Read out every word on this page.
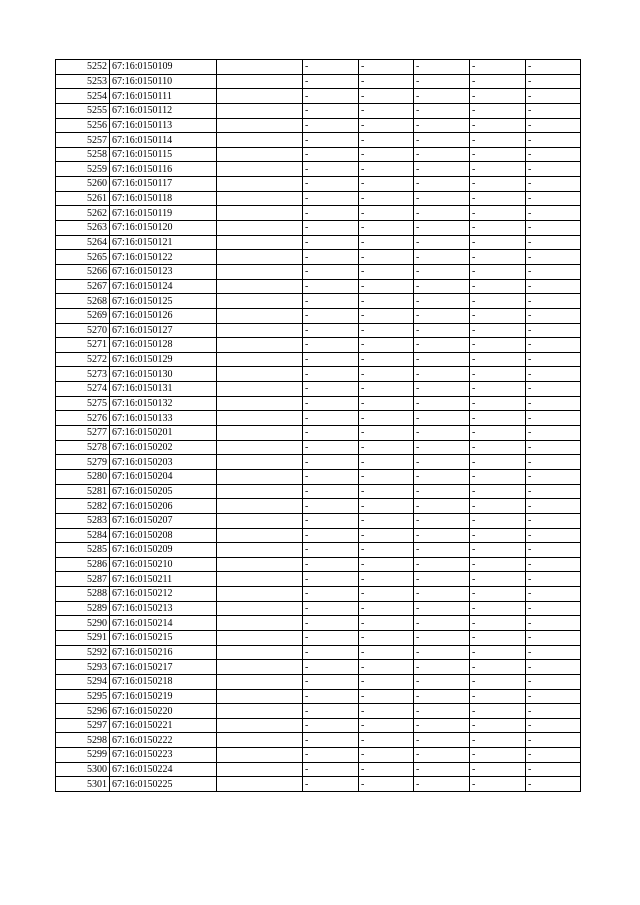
5252	67:16:0150109		-	-	-	-	-
5253	67:16:0150110		-	-	-	-	-
5254	67:16:0150111		-	-	-	-	-
5255	67:16:0150112		-	-	-	-	-
5256	67:16:0150113		-	-	-	-	-
5257	67:16:0150114		-	-	-	-	-
5258	67:16:0150115		-	-	-	-	-
5259	67:16:0150116		-	-	-	-	-
5260	67:16:0150117		-	-	-	-	-
5261	67:16:0150118		-	-	-	-	-
5262	67:16:0150119		-	-	-	-	-
5263	67:16:0150120		-	-	-	-	-
5264	67:16:0150121		-	-	-	-	-
5265	67:16:0150122		-	-	-	-	-
5266	67:16:0150123		-	-	-	-	-
5267	67:16:0150124		-	-	-	-	-
5268	67:16:0150125		-	-	-	-	-
5269	67:16:0150126		-	-	-	-	-
5270	67:16:0150127		-	-	-	-	-
5271	67:16:0150128		-	-	-	-	-
5272	67:16:0150129		-	-	-	-	-
5273	67:16:0150130		-	-	-	-	-
5274	67:16:0150131		-	-	-	-	-
5275	67:16:0150132		-	-	-	-	-
5276	67:16:0150133		-	-	-	-	-
5277	67:16:0150201		-	-	-	-	-
5278	67:16:0150202		-	-	-	-	-
5279	67:16:0150203		-	-	-	-	-
5280	67:16:0150204		-	-	-	-	-
5281	67:16:0150205		-	-	-	-	-
5282	67:16:0150206		-	-	-	-	-
5283	67:16:0150207		-	-	-	-	-
5284	67:16:0150208		-	-	-	-	-
5285	67:16:0150209		-	-	-	-	-
5286	67:16:0150210		-	-	-	-	-
5287	67:16:0150211		-	-	-	-	-
5288	67:16:0150212		-	-	-	-	-
5289	67:16:0150213		-	-	-	-	-
5290	67:16:0150214		-	-	-	-	-
5291	67:16:0150215		-	-	-	-	-
5292	67:16:0150216		-	-	-	-	-
5293	67:16:0150217		-	-	-	-	-
5294	67:16:0150218		-	-	-	-	-
5295	67:16:0150219		-	-	-	-	-
5296	67:16:0150220		-	-	-	-	-
5297	67:16:0150221		-	-	-	-	-
5298	67:16:0150222		-	-	-	-	-
5299	67:16:0150223		-	-	-	-	-
5300	67:16:0150224		-	-	-	-	-
5301	67:16:0150225		-	-	-	-	-
